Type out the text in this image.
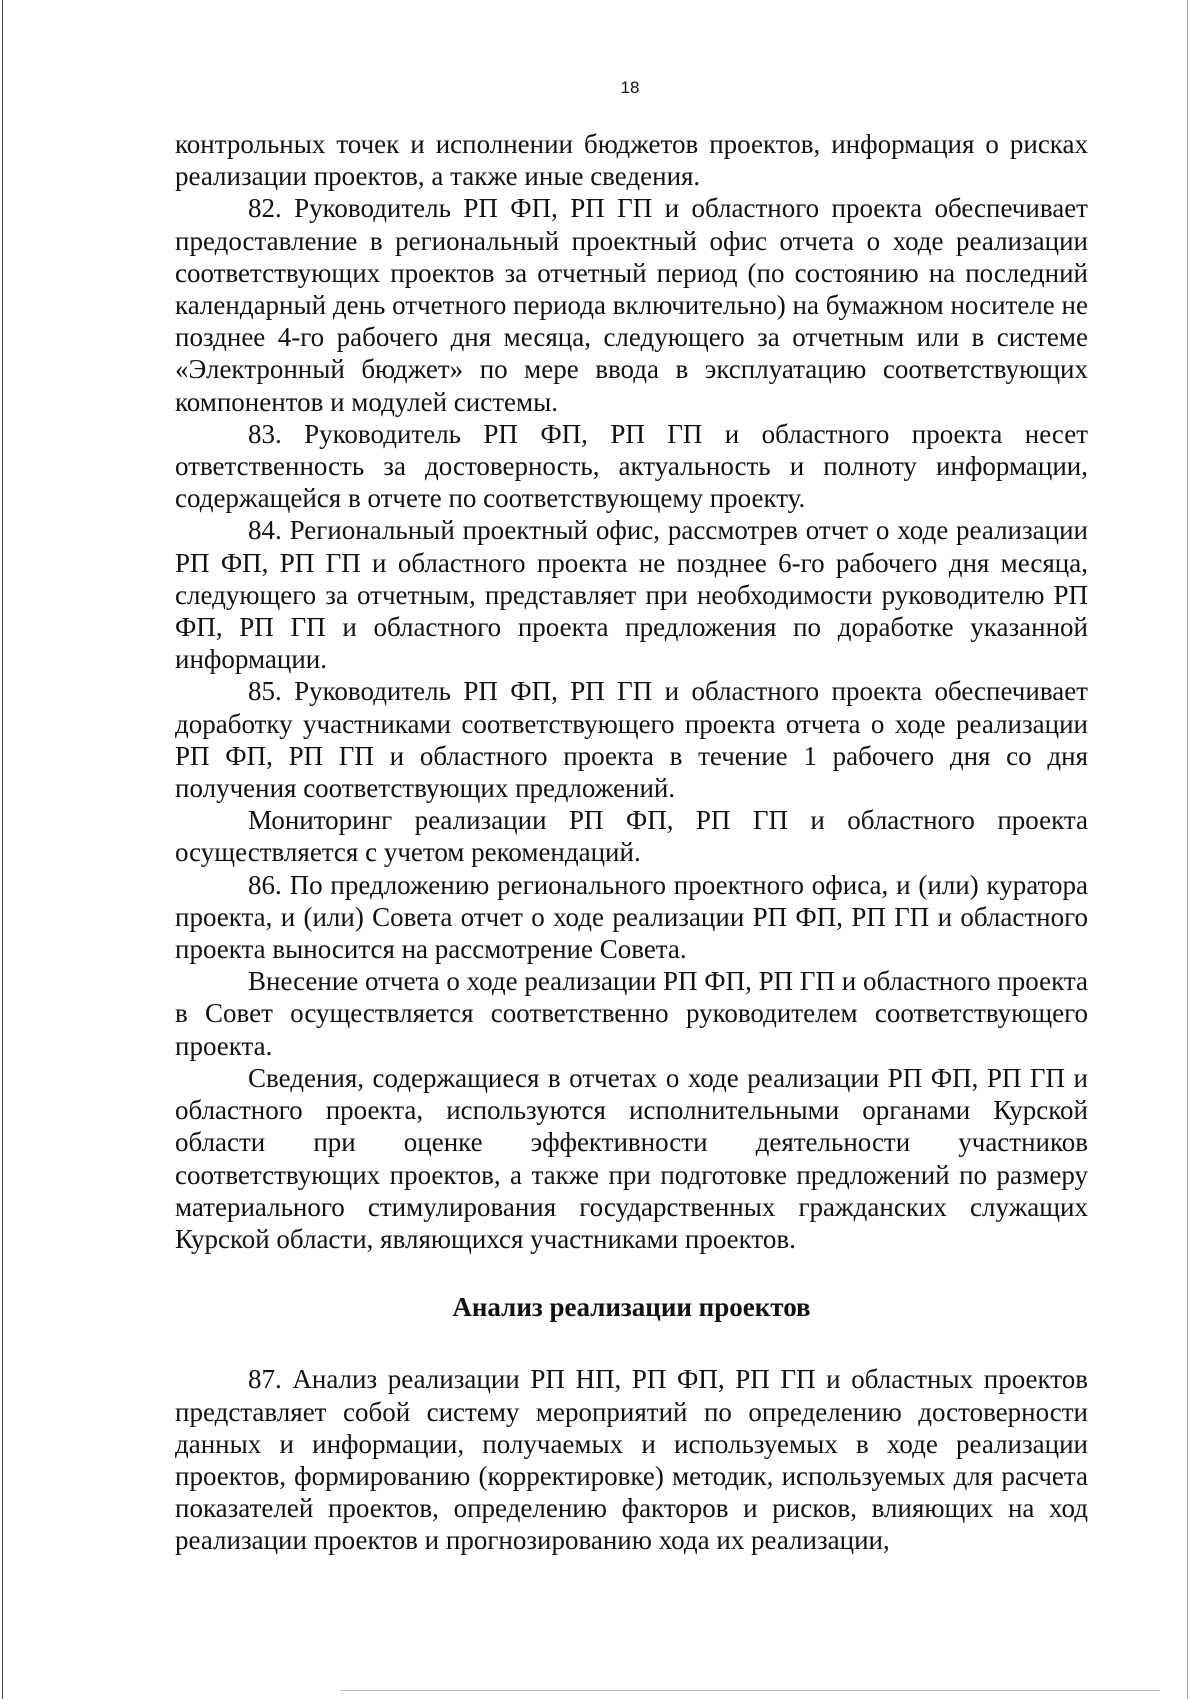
18

контрольных точек и исполнении бюджетов проектов, информация о рисках реализации проектов, а также иные сведения.

82. Руководитель РП ФП, РП ГП и областного проекта обеспечивает предоставление в региональный проектный офис отчета о ходе реализации соответствующих проектов за отчетный период (по состоянию на последний календарный день отчетного периода включительно) на бумажном носителе не позднее 4-го рабочего дня месяца, следующего за отчетным или в системе «Электронный бюджет» по мере ввода в эксплуатацию соответствующих компонентов и модулей системы.

83. Руководитель РП ФП, РП ГП и областного проекта несет ответственность за достоверность, актуальность и полноту информации, содержащейся в отчете по соответствующему проекту.

84. Региональный проектный офис, рассмотрев отчет о ходе реализации РП ФП, РП ГП и областного проекта не позднее 6-го рабочего дня месяца, следующего за отчетным, представляет при необходимости руководителю РП ФП, РП ГП и областного проекта предложения по доработке указанной информации.

85. Руководитель РП ФП, РП ГП и областного проекта обеспечивает доработку участниками соответствующего проекта отчета о ходе реализации РП ФП, РП ГП и областного проекта в течение 1 рабочего дня со дня получения соответствующих предложений.

Мониторинг реализации РП ФП, РП ГП и областного проекта осуществляется с учетом рекомендаций.

86. По предложению регионального проектного офиса, и (или) куратора проекта, и (или) Совета отчет о ходе реализации РП ФП, РП ГП и областного проекта выносится на рассмотрение Совета.

Внесение отчета о ходе реализации РП ФП, РП ГП и областного проекта в Совет осуществляется соответственно руководителем соответствующего проекта.

Сведения, содержащиеся в отчетах о ходе реализации РП ФП, РП ГП и областного проекта, используются исполнительными органами Курской области при оценке эффективности деятельности участников соответствующих проектов, а также при подготовке предложений по размеру материального стимулирования государственных гражданских служащих Курской области, являющихся участниками проектов.

Анализ реализации проектов

87. Анализ реализации РП НП, РП ФП, РП ГП и областных проектов представляет собой систему мероприятий по определению достоверности данных и информации, получаемых и используемых в ходе реализации проектов, формированию (корректировке) методик, используемых для расчета показателей проектов, определению факторов и рисков, влияющих на ход реализации проектов и прогнозированию хода их реализации,
